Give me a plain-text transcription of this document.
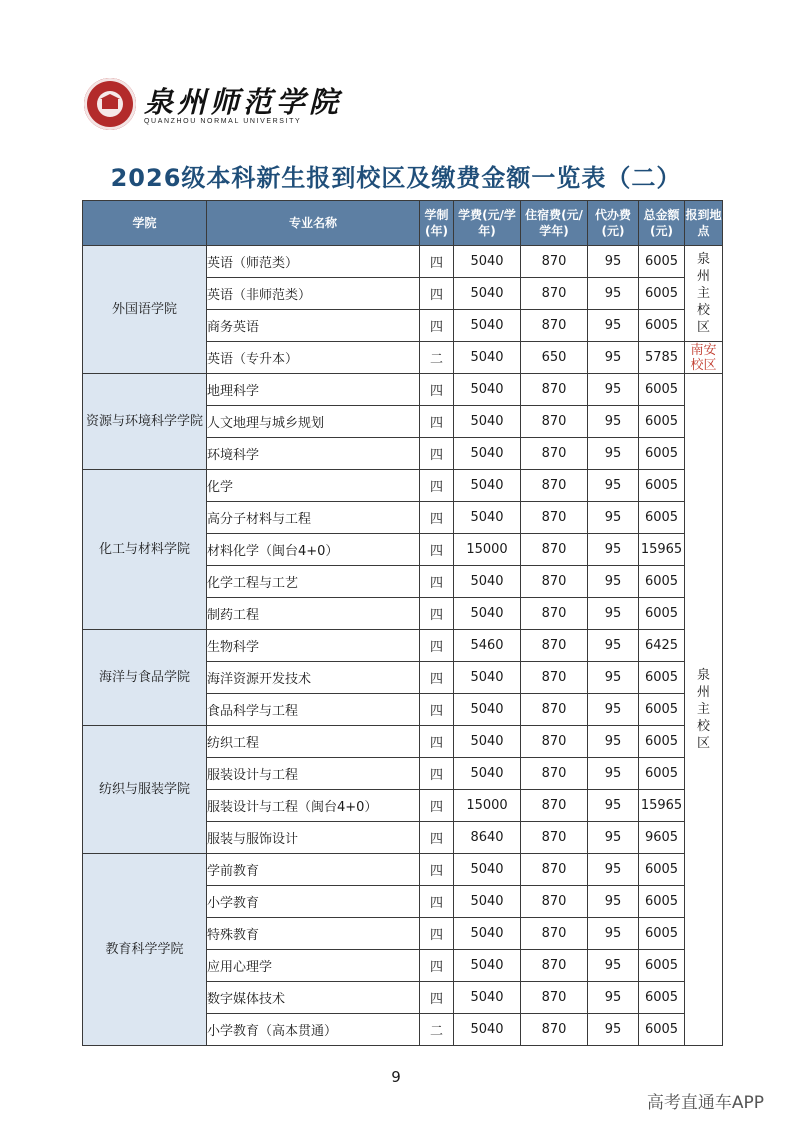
泉州师范学院
QUANZHOU NORMAL UNIVERSITY
2026级本科新生报到校区及缴费金额一览表（二）
学院	专业名称	学制(年)	学费(元/学年)	住宿费(元/学年)	代办费(元)	总金额(元)	报到地点
外国语学院	英语（师范类）	四	5040	870	95	6005	泉
州
主
校
区

	英语（非师范类）	四	5040	870	95	6005	
	商务英语	四	5040	870	95	6005	
	英语（专升本）	二	5040	650	95	5785	南安
校区

资源与环境科学学院	地理科学	四	5040	870	95	6005	泉
州
主
校
区

	人文地理与城乡规划	四	5040	870	95	6005	
	环境科学	四	5040	870	95	6005	
化工与材料学院	化学	四	5040	870	95	6005	
	高分子材料与工程	四	5040	870	95	6005	
	材料化学（闽台4+0）	四	15000	870	95	15965	
	化学工程与工艺	四	5040	870	95	6005	
	制药工程	四	5040	870	95	6005	
海洋与食品学院	生物科学	四	5460	870	95	6425	
	海洋资源开发技术	四	5040	870	95	6005	
	食品科学与工程	四	5040	870	95	6005	
纺织与服装学院	纺织工程	四	5040	870	95	6005	
	服装设计与工程	四	5040	870	95	6005	
	服装设计与工程（闽台4+0）	四	15000	870	95	15965	
	服装与服饰设计	四	8640	870	95	9605	
教育科学学院	学前教育	四	5040	870	95	6005	
	小学教育	四	5040	870	95	6005	
	特殊教育	四	5040	870	95	6005	
	应用心理学	四	5040	870	95	6005	
	数字媒体技术	四	5040	870	95	6005	
	小学教育（高本贯通）	二	5040	870	95	6005	
9
高考直通车APP
